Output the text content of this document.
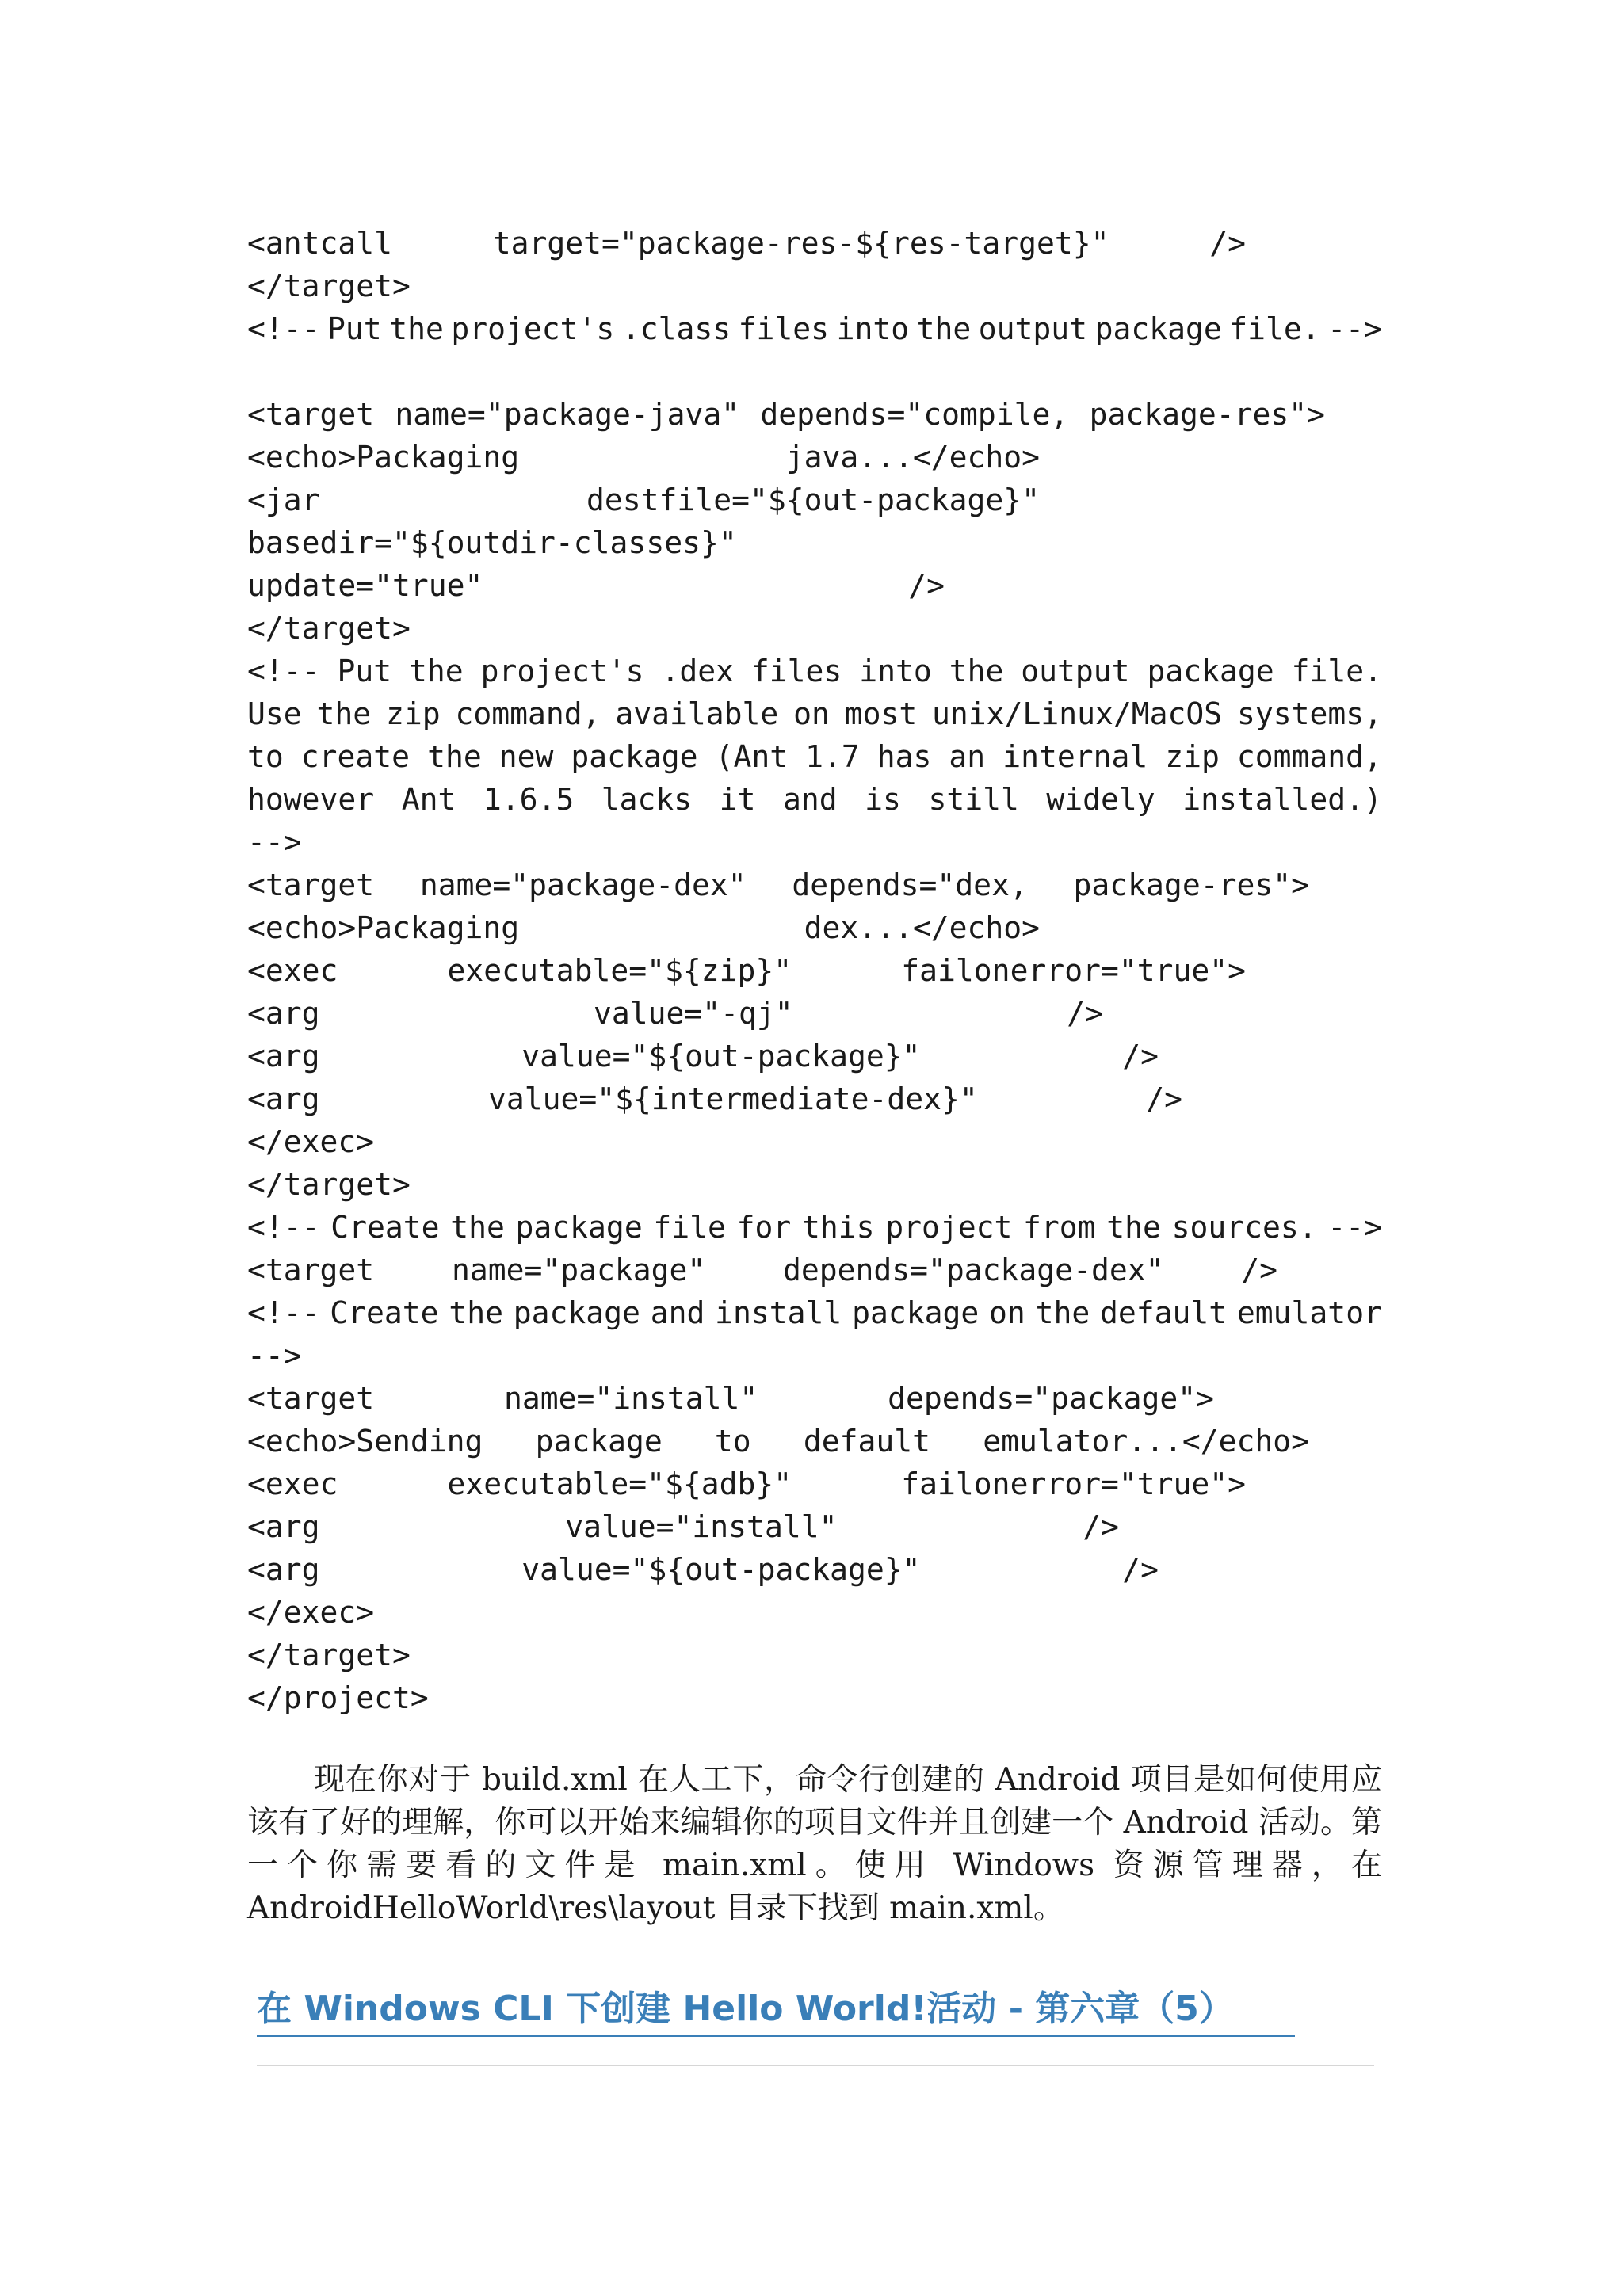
<antcall	target="package-res-${res-target}"	/>
</target>
<!-- Put the project's .class files into the output package file. -->
<target name="package-java" depends="compile, package-res">
<echo>Packaging	java...</echo>
<jar	destfile="${out-package}"
basedir="${outdir-classes}"
update="true"	/>
</target>
<!-- Put the project's .dex files into the output package file.
Use the zip command, available on most unix/Linux/MacOS systems,
to create the new package (Ant 1.7 has an internal zip command,
however Ant 1.6.5 lacks it and is still widely installed.)
-->
<target name="package-dex" depends="dex, package-res">
<echo>Packaging	dex...</echo>
<exec	executable="${zip}"	failonerror="true">
<arg	value="-qj"	/>
<arg	value="${out-package}"	/>
<arg	value="${intermediate-dex}"	/>
</exec>
</target>
<!-- Create the package file for this project from the sources. -->
<target	name="package"	depends="package-dex"	/>
<!-- Create the package and install package on the default emulator
-->
<target	name="install"	depends="package">
<echo>Sending package to default emulator...</echo>
<exec	executable="${adb}"	failonerror="true">
<arg	value="install"	/>
<arg	value="${out-package}"	/>
</exec>
</target>
</project>

现在你对于 build.xml 在人工下，命令行创建的 Android 项目是如何使用应该有了好的理解，你可以开始来编辑你的项目文件并且创建一个 Android 活动。第一个你需要看的文件是 main.xml。使用 Windows 资源管理器，在 AndroidHelloWorld\res\layout 目录下找到 main.xml。

在 Windows CLI 下创建 Hello World!活动 - 第六章（5）
